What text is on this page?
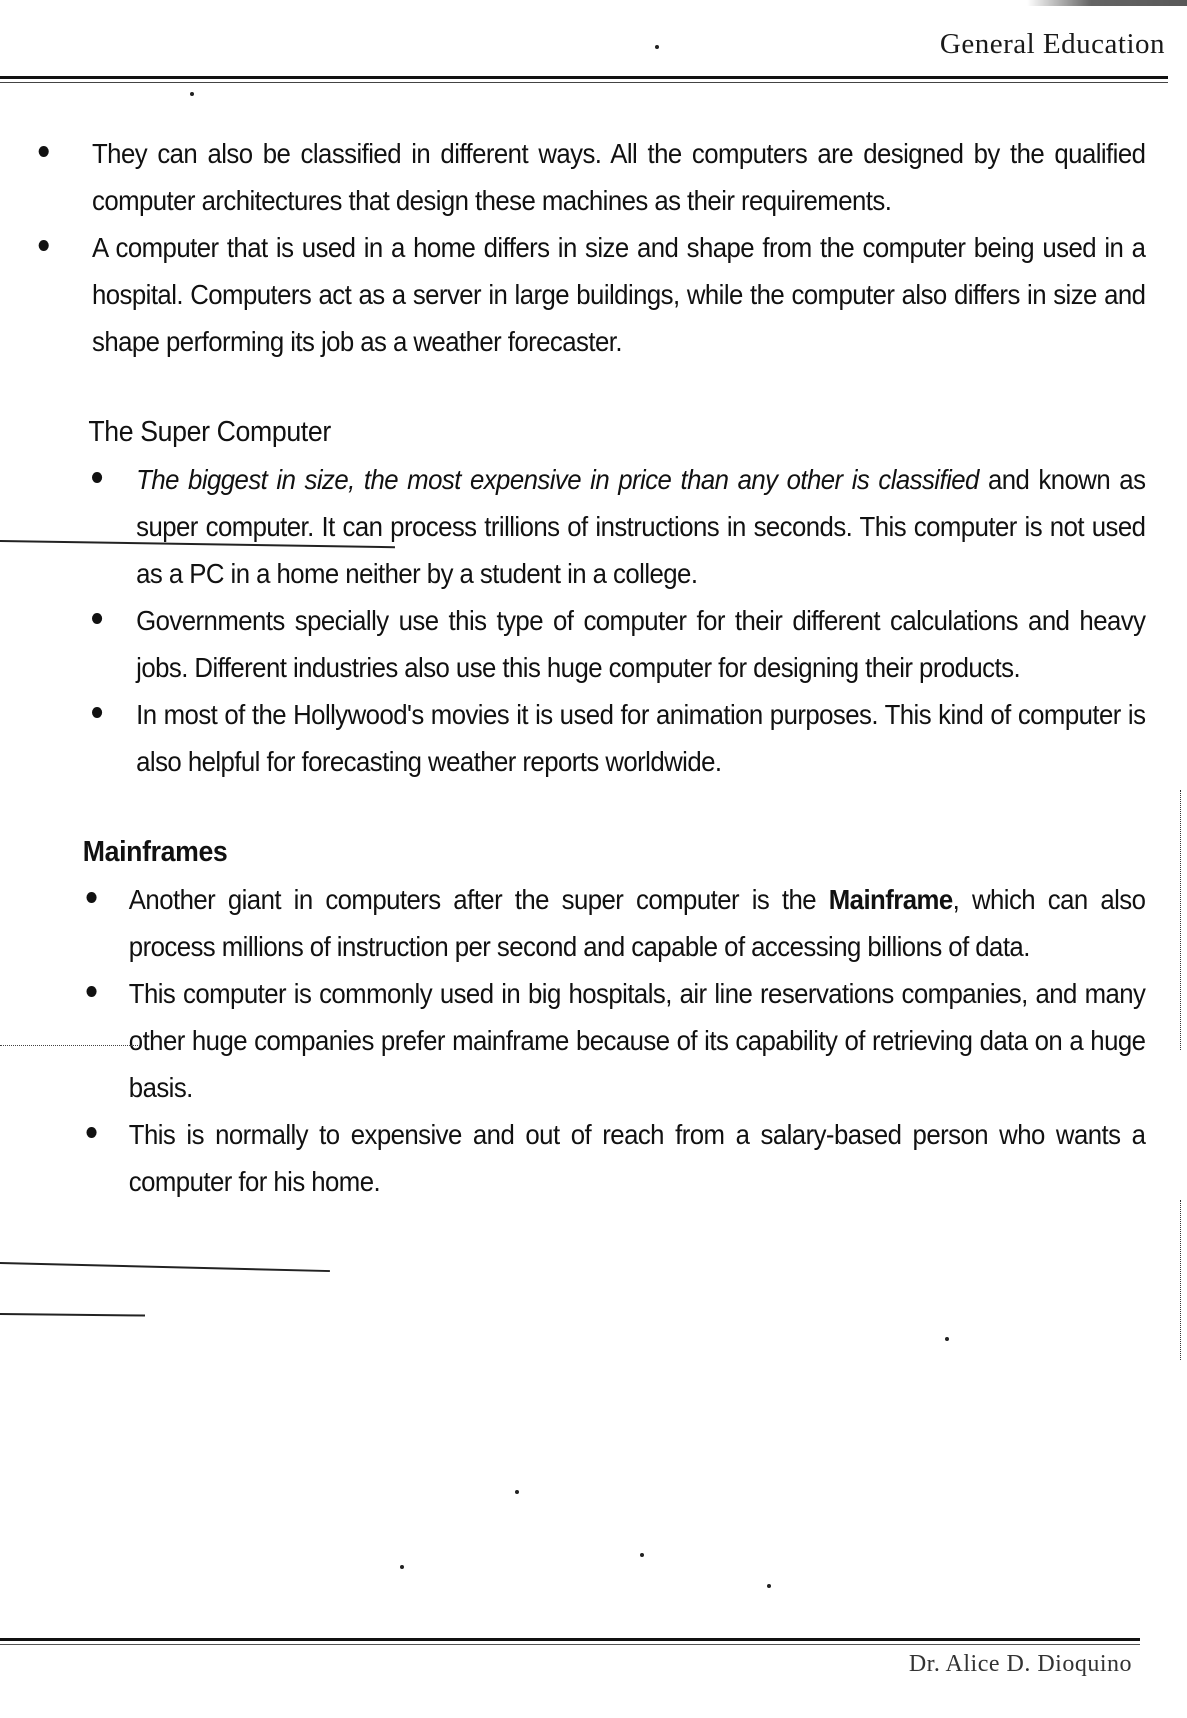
General Education
They can also be classified in different ways. All the computers are designed by the qualified computer architectures that design these machines as their requirements.
A computer that is used in a home differs in size and shape from the computer being used in a hospital. Computers act as a server in large buildings, while the computer also differs in size and shape performing its job as a weather forecaster.
The Super Computer
The biggest in size, the most expensive in price than any other is classified and known as super computer. It can process trillions of instructions in seconds. This computer is not used as a PC in a home neither by a student in a college.
Governments specially use this type of computer for their different calculations and heavy jobs. Different industries also use this huge computer for designing their products.
In most of the Hollywood's movies it is used for animation purposes. This kind of computer is also helpful for forecasting weather reports worldwide.
Mainframes
Another giant in computers after the super computer is the Mainframe, which can also process millions of instruction per second and capable of accessing billions of data.
This computer is commonly used in big hospitals, air line reservations companies, and many other huge companies prefer mainframe because of its capability of retrieving data on a huge basis.
This is normally to expensive and out of reach from a salary-based person who wants a computer for his home.
Dr. Alice D. Dioquino
